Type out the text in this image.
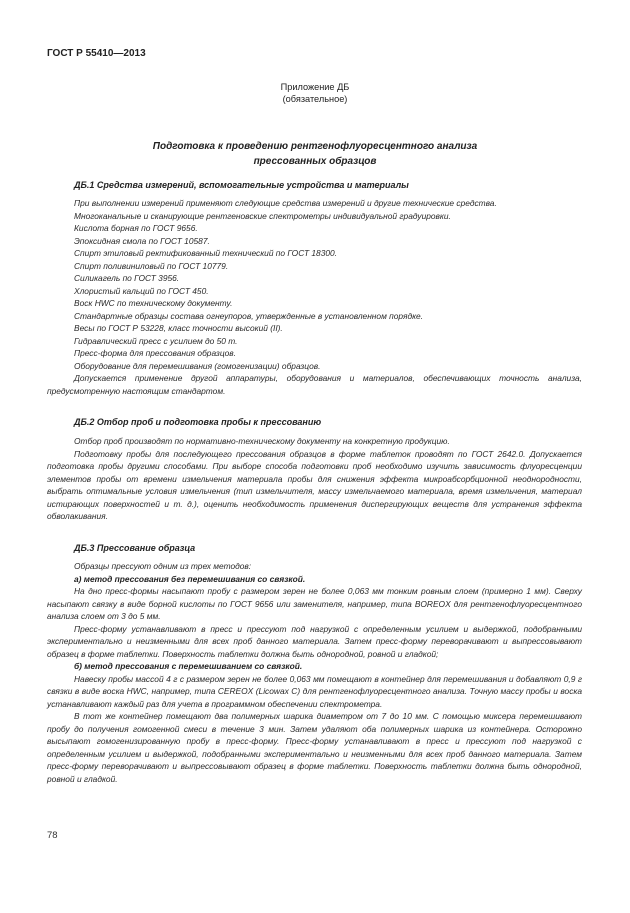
ГОСТ Р 55410—2013
Приложение ДБ
(обязательное)
Подготовка к проведению рентгенофлуоресцентного анализа
прессованных образцов
ДБ.1 Средства измерений, вспомогательные устройства и материалы

При выполнении измерений применяют следующие средства измерений и другие технические средства.

Многоканальные и сканирующие рентгеновские спектрометры индивидуальной градуировки.

Кислота борная по ГОСТ 9656.

Эпоксидная смола по ГОСТ 10587.

Спирт этиловый ректификованный технический по ГОСТ 18300.

Спирт поливиниловый по ГОСТ 10779.

Силикагель по ГОСТ 3956.

Хлористый кальций по ГОСТ 450.

Воск HWC по техническому документу.

Стандартные образцы состава огнеупоров, утвержденные в установленном порядке.

Весы по ГОСТ Р 53228, класс точности высокий (II).

Гидравлический пресс с усилием до 50 т.

Пресс-форма для прессования образцов.

Оборудование для перемешивания (гомогенизации) образцов.

Допускается применение другой аппаратуры, оборудования и материалов, обеспечивающих точность анализа, предусмотренную настоящим стандартом.

ДБ.2 Отбор проб и подготовка пробы к прессованию

Отбор проб производят по нормативно-техническому документу на конкретную продукцию.

Подготовку пробы для последующего прессования образцов в форме таблеток проводят по ГОСТ 2642.0. Допускается подготовка пробы другими способами. При выборе способа подготовки проб необходимо изучить зависимость флуоресценции элементов пробы от времени измельчения материала пробы для снижения эффекта микроабсорбционной неоднородности, выбрать оптимальные условия измельчения (тип измельчителя, массу измельчаемого материала, время измельчения, материал истирающих поверхностей и т. д.), оценить необходимость применения диспергирующих веществ для устранения эффекта обволакивания.

ДБ.3 Прессование образца

Образцы прессуют одним из трех методов:

а) метод прессования без перемешивания со связкой.

На дно пресс-формы насыпают пробу с размером зерен не более 0,063 мм тонким ровным слоем (примерно 1 мм). Сверху насыпают связку в виде борной кислоты по ГОСТ 9656 или заменителя, например, типа BOREOX для рентгенофлуоресцентного анализа слоем от 3 до 5 мм.

Пресс-форму устанавливают в пресс и прессуют под нагрузкой с определенным усилием и выдержкой, подобранными экспериментально и неизменными для всех проб данного материала. Затем пресс-форму переворачивают и выпрессовывают образец в форме таблетки. Поверхность таблетки должна быть однородной, ровной и гладкой;

б) метод прессования с перемешиванием со связкой.

Навеску пробы массой 4 г с размером зерен не более 0,063 мм помещают в контейнер для перемешивания и добавляют 0,9 г связки в виде воска HWC, например, типа CEREOX (Licowax C) для рентгенофлуоресцентного анализа. Точную массу пробы и воска устанавливают каждый раз для учета в программном обеспечении спектрометра.

В тот же контейнер помещают два полимерных шарика диаметром от 7 до 10 мм. С помощью миксера перемешивают пробу до получения гомогенной смеси в течение 3 мин. Затем удаляют оба полимерных шарика из контейнера. Осторожно высыпают гомогенизированную пробу в пресс-форму. Пресс-форму устанавливают в пресс и прессуют под нагрузкой с определенным усилием и выдержкой, подобранными экспериментально и неизменными для всех проб данного материала. Затем пресс-форму переворачивают и выпрессовывают образец в форме таблетки. Поверхность таблетки должна быть однородной, ровной и гладкой.

78
